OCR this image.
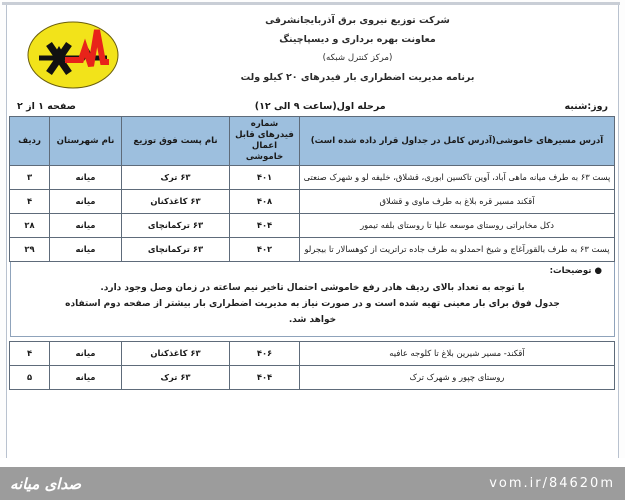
شرکت توزیع نیروی برق آذربایجانشرقی
معاونت بهره برداری و دیسپاچینگ
(مرکز کنترل شبکه)
برنامه مدیریت اضطراری بار فیدرهای ۲۰ کیلو ولت
روز:شنبه
مرحله اول(ساعت ۹ الی ۱۲)
صفحه ۱ از ۲
آدرس مسیرهای خاموشی(آدرس کامل در جداول قرار داده شده است)	شماره فیدرهای قابل اعمال خاموشی	نام پست فوق توزیع	نام شهرستان	ردیف
پست ۶۳ به طرف میانه ماهی آباد، آوین تاکسین ابوری، قشلاق، خلیفه لو و شهرک صنعتی	۴۰۱	۶۳ ترک	میانه	۳
آقکند مسیر قره بلاغ به طرف ماوی و قشلاق	۴۰۸	۶۳ کاغذکنان	میانه	۴
دکل مخابراتی روستای موسعه علیا تا روستای بلفه تیمور	۴۰۴	۶۳ ترکمانچای	میانه	۲۸
پست ۶۳ به طرف بالقورآغاج و شیخ احمدلو به طرف جاده تراتریت از کوهسالار تا بیجرلو	۴۰۲	۶۳ ترکمانچای	میانه	۲۹
● توضیحات:
با توجه به تعداد بالای ردیف هادر رفع خاموشی احتمال تاخیر نیم ساعته در زمان وصل وجود دارد.
جدول فوق برای بار معینی تهیه شده است و در صورت نیاز به مدیریت اضطراری بار بیشتر از صفحه دوم استفاده
خواهد شد.
آقکند- مسیر شیرین بلاغ تا کلوجه عافیه	۴۰۶	۶۳ کاغذکنان	میانه	۴
روستای چپور و شهرک ترک	۴۰۴	۶۳ ترک	میانه	۵
vom.ir/84620m
صدای میانه
